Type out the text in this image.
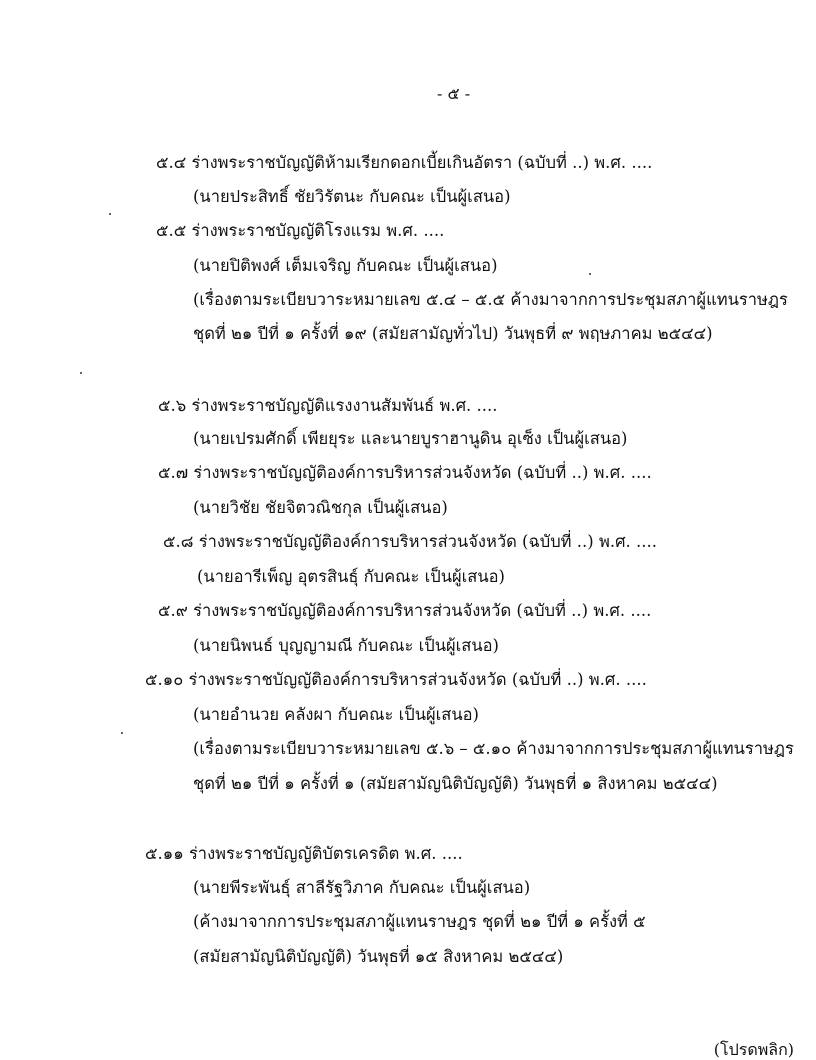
- ๕ -
๕.๔ ร่างพระราชบัญญัติห้ามเรียกดอกเบี้ยเกินอัตรา (ฉบับที่ ..) พ.ศ. ....
(นายประสิทธิ์ ชัยวิรัตนะ กับคณะ เป็นผู้เสนอ)
๕.๕ ร่างพระราชบัญญัติโรงแรม พ.ศ. ....
(นายปิติพงศ์ เต็มเจริญ กับคณะ เป็นผู้เสนอ)
(เรื่องตามระเบียบวาระหมายเลข ๕.๔ – ๕.๕ ค้างมาจากการประชุมสภาผู้แทนราษฎร
ชุดที่ ๒๑ ปีที่ ๑ ครั้งที่ ๑๙ (สมัยสามัญทั่วไป) วันพุธที่ ๙ พฤษภาคม ๒๕๔๔)
๕.๖ ร่างพระราชบัญญัติแรงงานสัมพันธ์ พ.ศ. ....
(นายเปรมศักดิ์ เพียยุระ และนายบูราฮานูดิน อุเซ็ง เป็นผู้เสนอ)
๕.๗ ร่างพระราชบัญญัติองค์การบริหารส่วนจังหวัด (ฉบับที่ ..) พ.ศ. ....
(นายวิชัย ชัยจิตวณิชกุล เป็นผู้เสนอ)
๕.๘ ร่างพระราชบัญญัติองค์การบริหารส่วนจังหวัด (ฉบับที่ ..) พ.ศ. ....
(นายอารีเพ็ญ อุตรสินธุ์ กับคณะ เป็นผู้เสนอ)
๕.๙ ร่างพระราชบัญญัติองค์การบริหารส่วนจังหวัด (ฉบับที่ ..) พ.ศ. ....
(นายนิพนธ์ บุญญามณี กับคณะ เป็นผู้เสนอ)
๕.๑๐ ร่างพระราชบัญญัติองค์การบริหารส่วนจังหวัด (ฉบับที่ ..) พ.ศ. ....
(นายอำนวย คลังผา กับคณะ เป็นผู้เสนอ)
(เรื่องตามระเบียบวาระหมายเลข ๕.๖ – ๕.๑๐ ค้างมาจากการประชุมสภาผู้แทนราษฎร
ชุดที่ ๒๑ ปีที่ ๑ ครั้งที่ ๑ (สมัยสามัญนิติบัญญัติ) วันพุธที่ ๑ สิงหาคม ๒๕๔๔)
๕.๑๑ ร่างพระราชบัญญัติบัตรเครดิต พ.ศ. ....
(นายพีระพันธุ์ สาลีรัฐวิภาค กับคณะ เป็นผู้เสนอ)
(ค้างมาจากการประชุมสภาผู้แทนราษฎร ชุดที่ ๒๑ ปีที่ ๑ ครั้งที่ ๕
(สมัยสามัญนิติบัญญัติ) วันพุธที่ ๑๕ สิงหาคม ๒๕๔๔)
(โปรดพลิก)
